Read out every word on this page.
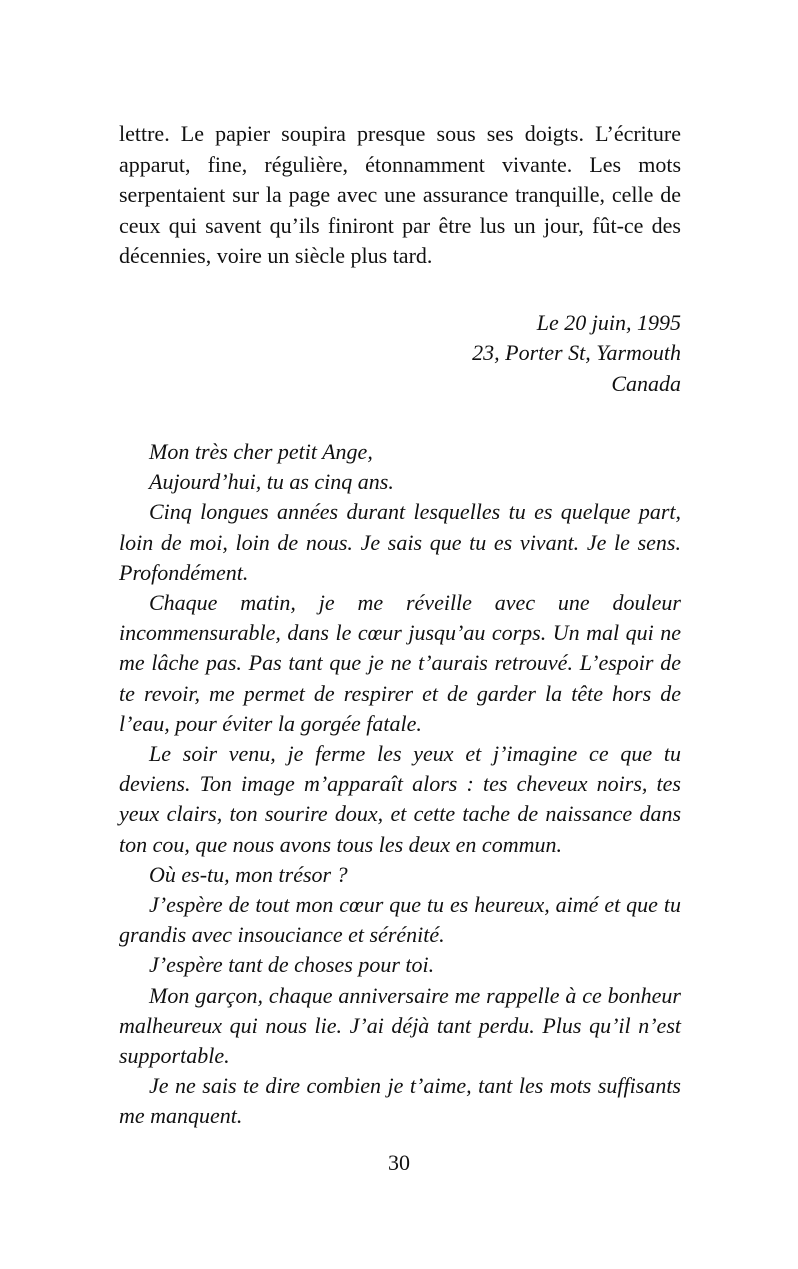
lettre. Le papier soupira presque sous ses doigts. L’écriture apparut, fine, régulière, étonnamment vivante. Les mots serpentaient sur la page avec une assurance tranquille, celle de ceux qui savent qu’ils finiront par être lus un jour, fût-ce des décennies, voire un siècle plus tard.

Le 20 juin, 1995
23, Porter St, Yarmouth
Canada

Mon très cher petit Ange,

Aujourd’hui, tu as cinq ans.

Cinq longues années durant lesquelles tu es quelque part, loin de moi, loin de nous. Je sais que tu es vivant. Je le sens. Profondément.

Chaque matin, je me réveille avec une douleur incommensurable, dans le cœur jusqu’au corps. Un mal qui ne me lâche pas. Pas tant que je ne t’aurais retrouvé. L’espoir de te revoir, me permet de respirer et de garder la tête hors de l’eau, pour éviter la gorgée fatale.

Le soir venu, je ferme les yeux et j’imagine ce que tu deviens. Ton image m’apparaît alors : tes cheveux noirs, tes yeux clairs, ton sourire doux, et cette tache de naissance dans ton cou, que nous avons tous les deux en commun.

Où es-tu, mon trésor ?

J’espère de tout mon cœur que tu es heureux, aimé et que tu grandis avec insouciance et sérénité.

J’espère tant de choses pour toi.

Mon garçon, chaque anniversaire me rappelle à ce bonheur malheureux qui nous lie. J’ai déjà tant perdu. Plus qu’il n’est supportable.

Je ne sais te dire combien je t’aime, tant les mots suffisants me manquent.

30
